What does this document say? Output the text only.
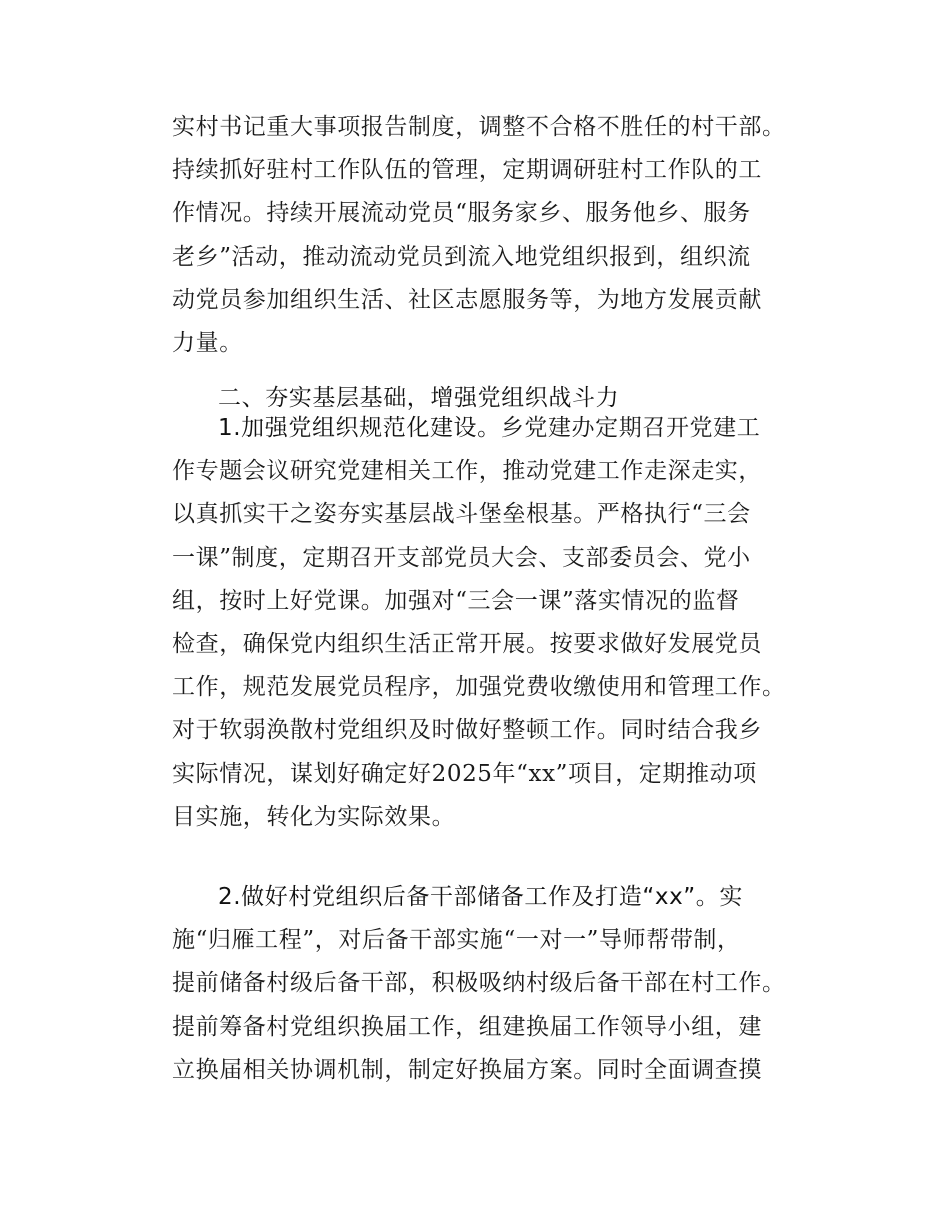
实村书记重大事项报告制度，调整不合格不胜任的村干部。
持续抓好驻村工作队伍的管理，定期调研驻村工作队的工
作情况。持续开展流动党员“服务家乡、服务他乡、服务
老乡”活动，推动流动党员到流入地党组织报到，组织流
动党员参加组织生活、社区志愿服务等，为地方发展贡献
力量。
二、夯实基层基础，增强党组织战斗力
1.加强党组织规范化建设。乡党建办定期召开党建工
作专题会议研究党建相关工作，推动党建工作走深走实，
以真抓实干之姿夯实基层战斗堡垒根基。严格执行“三会
一课”制度，定期召开支部党员大会、支部委员会、党小
组，按时上好党课。加强对“三会一课”落实情况的监督
检查，确保党内组织生活正常开展。按要求做好发展党员
工作，规范发展党员程序，加强党费收缴使用和管理工作。
对于软弱涣散村党组织及时做好整顿工作。同时结合我乡
实际情况，谋划好确定好2025年“xx”项目，定期推动项
目实施，转化为实际效果。
2.做好村党组织后备干部储备工作及打造“xx”。实
施“归雁工程”，对后备干部实施“一对一”导师帮带制，
提前储备村级后备干部，积极吸纳村级后备干部在村工作。
提前筹备村党组织换届工作，组建换届工作领导小组，建
立换届相关协调机制，制定好换届方案。同时全面调查摸
